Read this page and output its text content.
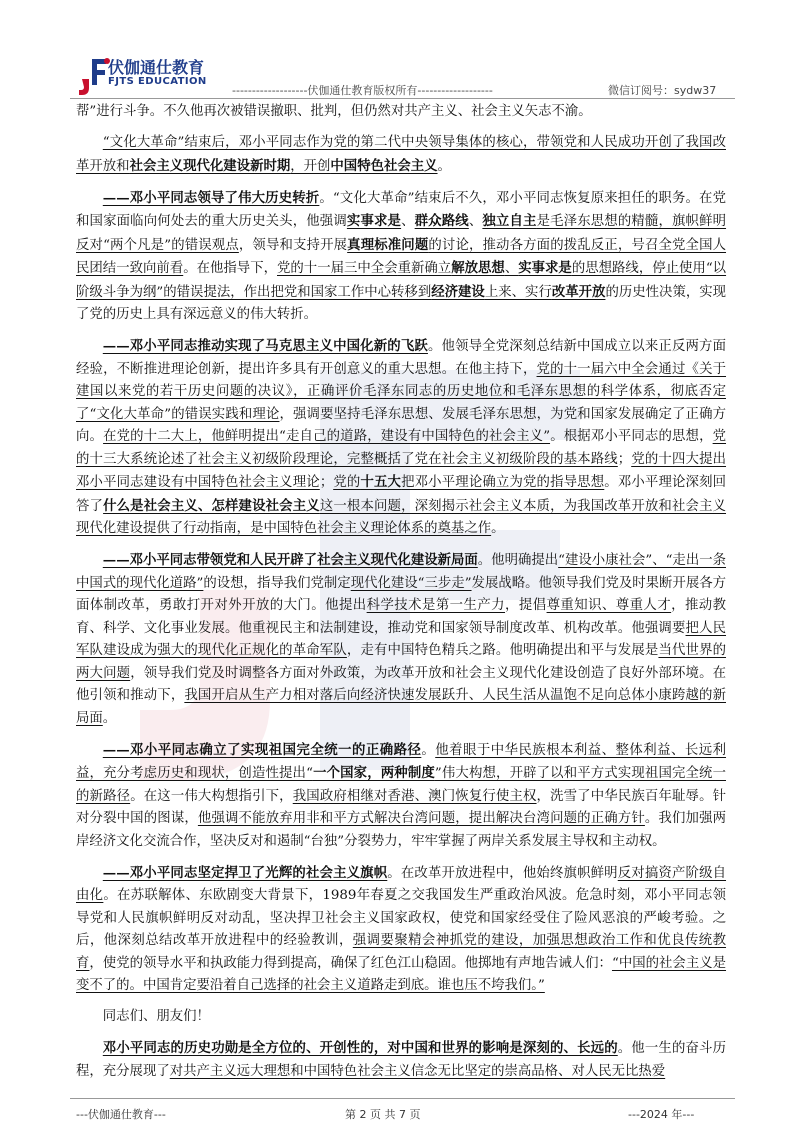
伏伽通仕教育
FJTS EDUCATION
-------------------伏伽通仕教育版权所有-------------------	微信订阅号：sydw37

帮”进行斗争。不久他再次被错误撤职、批判，但仍然对共产主义、社会主义矢志不渝。

“文化大革命”结束后，邓小平同志作为党的第二代中央领导集体的核心，带领党和人民成功开创了我国改革开放和社会主义现代化建设新时期，开创中国特色社会主义。

——邓小平同志领导了伟大历史转折。“文化大革命”结束后不久，邓小平同志恢复原来担任的职务。在党和国家面临向何处去的重大历史关头，他强调实事求是、群众路线、独立自主是毛泽东思想的精髓，旗帜鲜明反对“两个凡是”的错误观点，领导和支持开展真理标准问题的讨论，推动各方面的拨乱反正，号召全党全国人民团结一致向前看。在他指导下，党的十一届三中全会重新确立解放思想、实事求是的思想路线，停止使用“以阶级斗争为纲”的错误提法，作出把党和国家工作中心转移到经济建设上来、实行改革开放的历史性决策，实现了党的历史上具有深远意义的伟大转折。

——邓小平同志推动实现了马克思主义中国化新的飞跃。他领导全党深刻总结新中国成立以来正反两方面经验，不断推进理论创新，提出许多具有开创意义的重大思想。在他主持下，党的十一届六中全会通过《关于建国以来党的若干历史问题的决议》，正确评价毛泽东同志的历史地位和毛泽东思想的科学体系，彻底否定了“文化大革命”的错误实践和理论，强调要坚持毛泽东思想、发展毛泽东思想，为党和国家发展确定了正确方向。在党的十二大上，他鲜明提出“走自己的道路，建设有中国特色的社会主义”。根据邓小平同志的思想，党的十三大系统论述了社会主义初级阶段理论，完整概括了党在社会主义初级阶段的基本路线；党的十四大提出邓小平同志建设有中国特色社会主义理论；党的十五大把邓小平理论确立为党的指导思想。邓小平理论深刻回答了什么是社会主义、怎样建设社会主义这一根本问题，深刻揭示社会主义本质，为我国改革开放和社会主义现代化建设提供了行动指南，是中国特色社会主义理论体系的奠基之作。

——邓小平同志带领党和人民开辟了社会主义现代化建设新局面。他明确提出“建设小康社会”、“走出一条中国式的现代化道路”的设想，指导我们党制定现代化建设“三步走”发展战略。他领导我们党及时果断开展各方面体制改革，勇敢打开对外开放的大门。他提出科学技术是第一生产力，提倡尊重知识、尊重人才，推动教育、科学、文化事业发展。他重视民主和法制建设，推动党和国家领导制度改革、机构改革。他强调要把人民军队建设成为强大的现代化正规化的革命军队，走有中国特色精兵之路。他明确提出和平与发展是当代世界的两大问题，领导我们党及时调整各方面对外政策，为改革开放和社会主义现代化建设创造了良好外部环境。在他引领和推动下，我国开启从生产力相对落后向经济快速发展跃升、人民生活从温饱不足向总体小康跨越的新局面。

——邓小平同志确立了实现祖国完全统一的正确路径。他着眼于中华民族根本利益、整体利益、长远利益，充分考虑历史和现状，创造性提出“一个国家，两种制度”伟大构想，开辟了以和平方式实现祖国完全统一的新路径。在这一伟大构想指引下，我国政府相继对香港、澳门恢复行使主权，洗雪了中华民族百年耻辱。针对分裂中国的图谋，他强调不能放弃用非和平方式解决台湾问题，提出解决台湾问题的正确方针。我们加强两岸经济文化交流合作，坚决反对和遏制“台独”分裂势力，牢牢掌握了两岸关系发展主导权和主动权。

——邓小平同志坚定捍卫了光辉的社会主义旗帜。在改革开放进程中，他始终旗帜鲜明反对搞资产阶级自由化。在苏联解体、东欧剧变大背景下，1989年春夏之交我国发生严重政治风波。危急时刻，邓小平同志领导党和人民旗帜鲜明反对动乱，坚决捍卫社会主义国家政权，使党和国家经受住了险风恶浪的严峻考验。之后，他深刻总结改革开放进程中的经验教训，强调要聚精会神抓党的建设，加强思想政治工作和优良传统教育，使党的领导水平和执政能力得到提高，确保了红色江山稳固。他掷地有声地告诫人们：“中国的社会主义是变不了的。中国肯定要沿着自己选择的社会主义道路走到底。谁也压不垮我们。”

同志们、朋友们！

邓小平同志的历史功勋是全方位的、开创性的，对中国和世界的影响是深刻的、长远的。他一生的奋斗历程，充分展现了对共产主义远大理想和中国特色社会主义信念无比坚定的崇高品格、对人民无比热爱

---伏伽通仕教育---	第 2 页 共 7 页	---2024 年---
